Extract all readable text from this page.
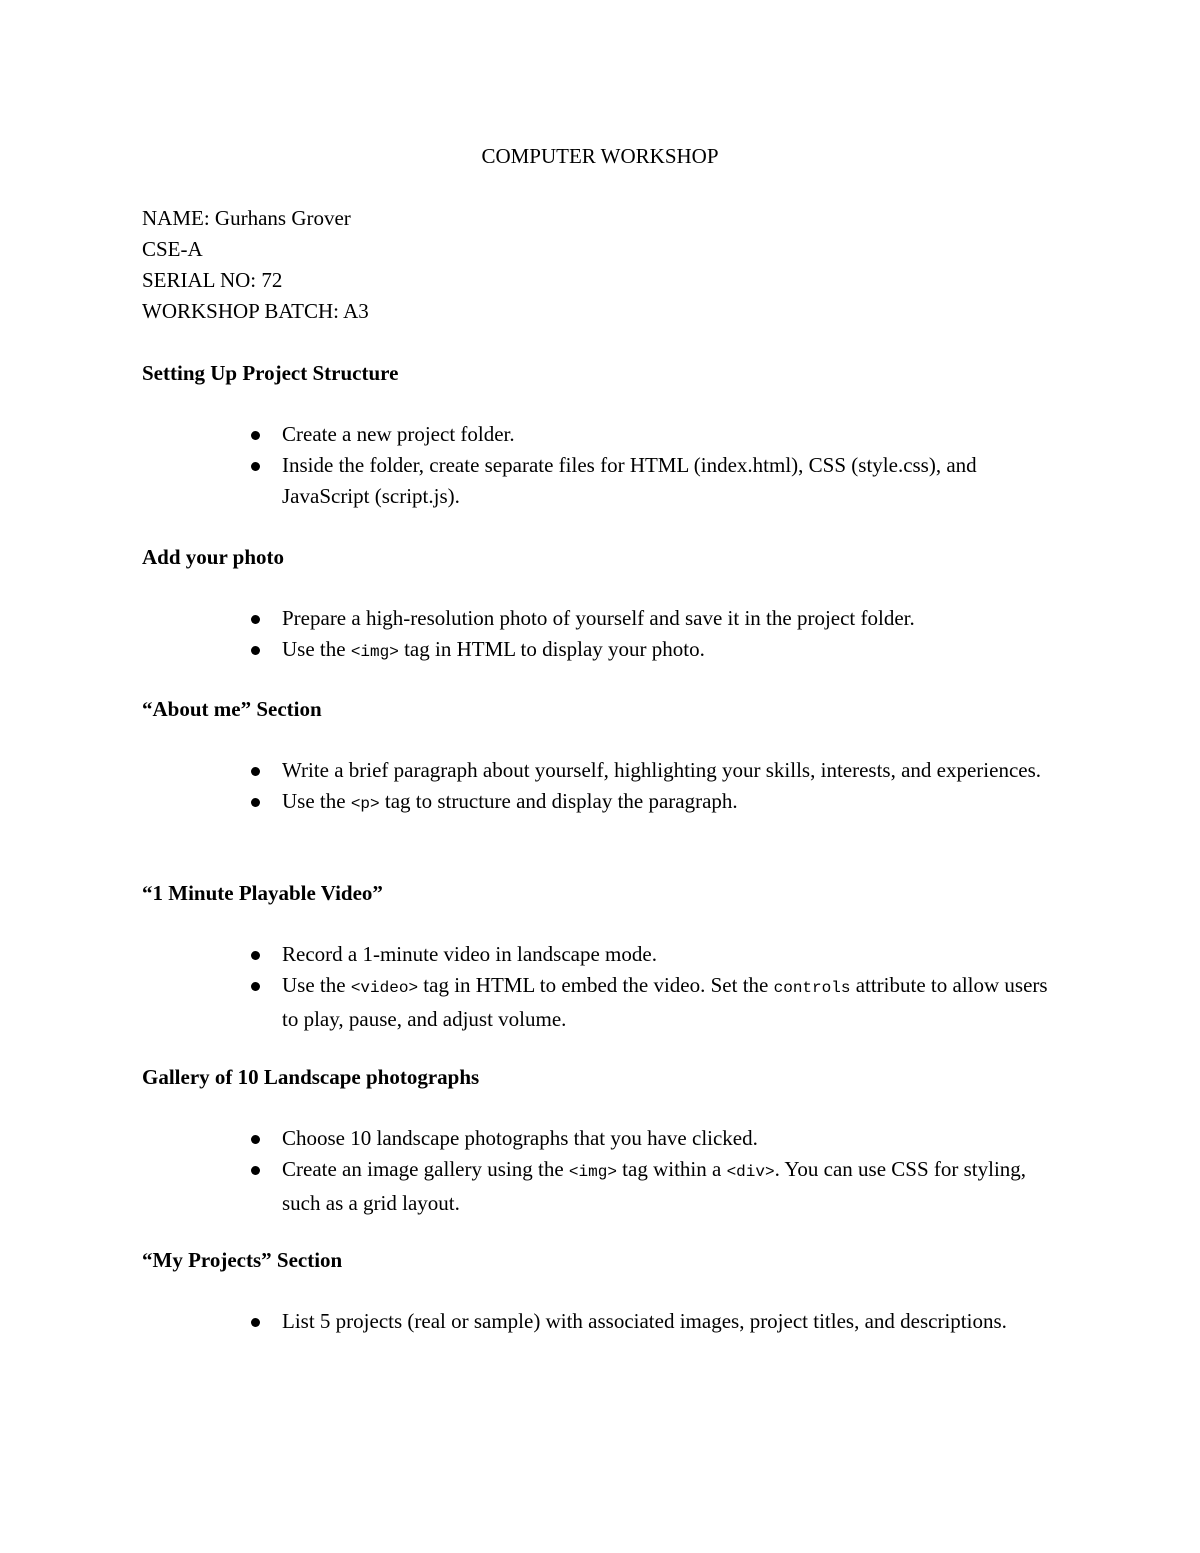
COMPUTER WORKSHOP
NAME: Gurhans Grover
CSE-A
SERIAL NO: 72
WORKSHOP BATCH: A3
Setting Up Project Structure
Create a new project folder.
Inside the folder, create separate files for HTML (index.html), CSS (style.css), and JavaScript (script.js).
Add your photo
Prepare a high-resolution photo of yourself and save it in the project folder.
Use the <img> tag in HTML to display your photo.
“About me” Section
Write a brief paragraph about yourself, highlighting your skills, interests, and experiences.
Use the <p> tag to structure and display the paragraph.
“1 Minute Playable Video”
Record a 1-minute video in landscape mode.
Use the <video> tag in HTML to embed the video. Set the controls attribute to allow users to play, pause, and adjust volume.
Gallery of 10 Landscape photographs
Choose 10 landscape photographs that you have clicked.
Create an image gallery using the <img> tag within a <div>. You can use CSS for styling, such as a grid layout.
“My Projects” Section
List 5 projects (real or sample) with associated images, project titles, and descriptions.
